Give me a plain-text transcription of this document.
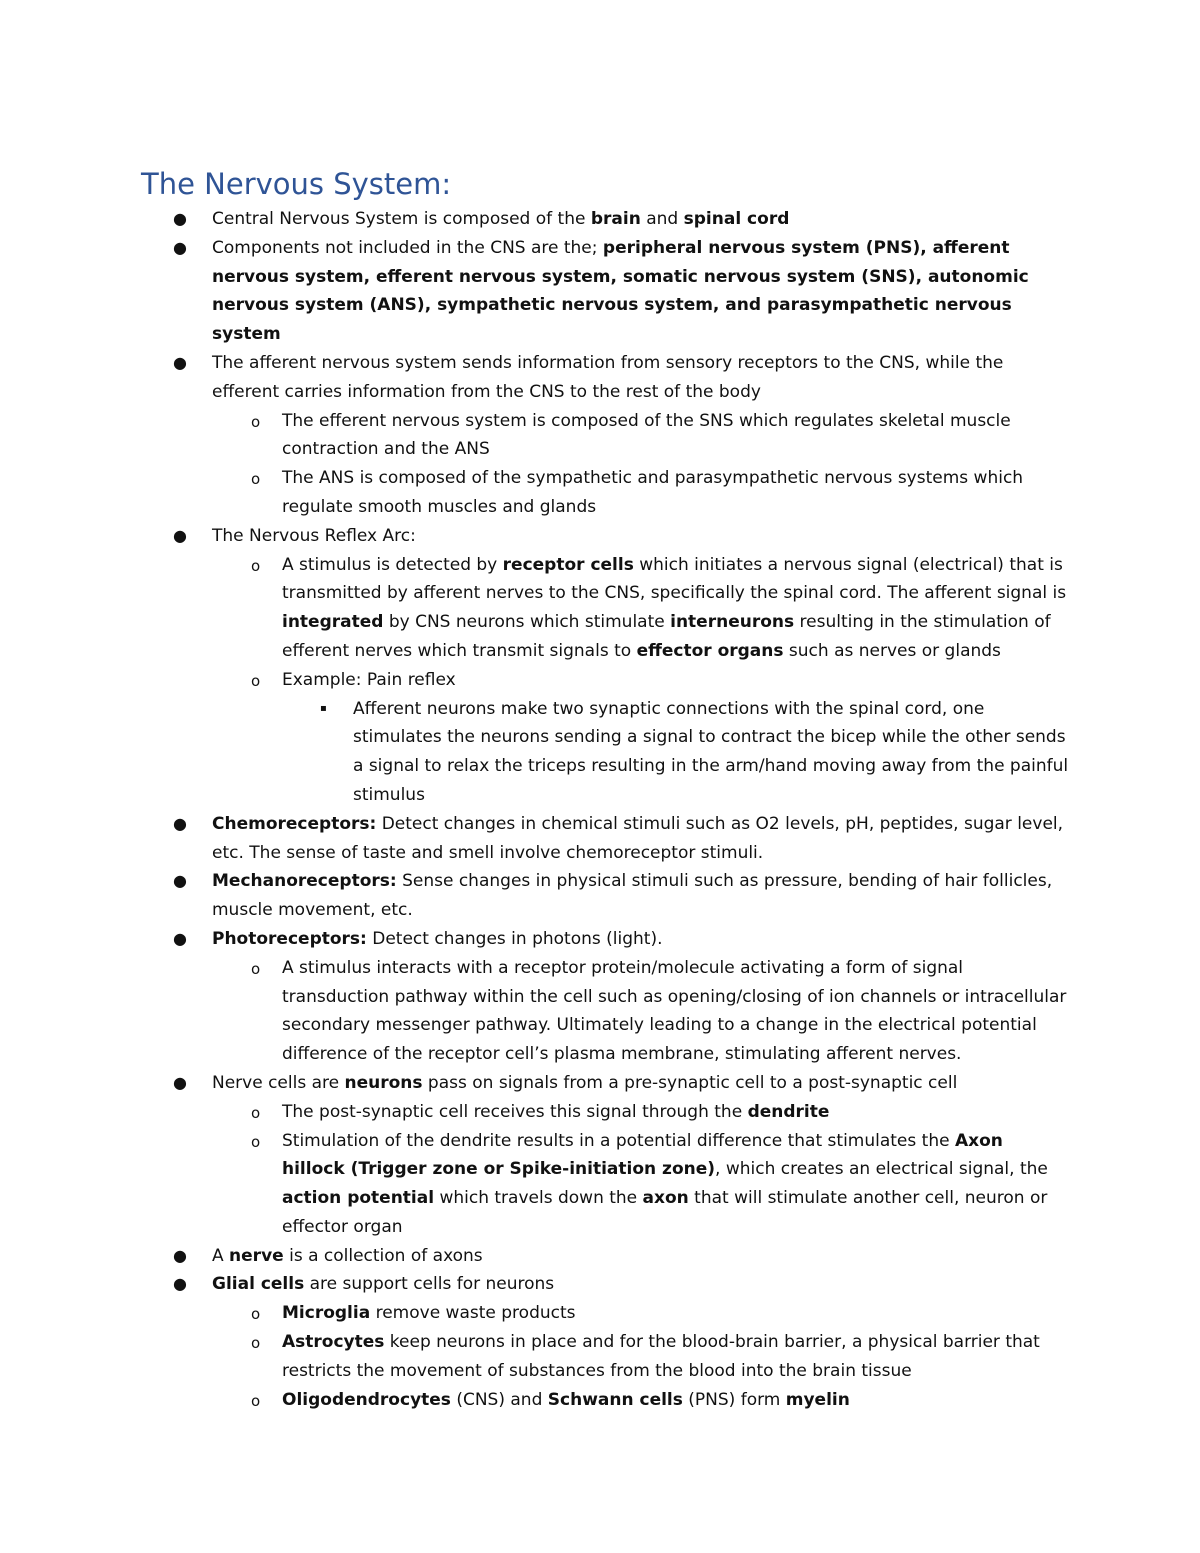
The Nervous System:
● Central Nervous System is composed of the brain and spinal cord
● Components not included in the CNS are the; peripheral nervous system (PNS), afferent nervous system, efferent nervous system, somatic nervous system (SNS), autonomic nervous system (ANS), sympathetic nervous system, and parasympathetic nervous system
● The afferent nervous system sends information from sensory receptors to the CNS, while the efferent carries information from the CNS to the rest of the body
o The efferent nervous system is composed of the SNS which regulates skeletal muscle contraction and the ANS
o The ANS is composed of the sympathetic and parasympathetic nervous systems which regulate smooth muscles and glands
● The Nervous Reflex Arc:
o A stimulus is detected by receptor cells which initiates a nervous signal (electrical) that is transmitted by afferent nerves to the CNS, specifically the spinal cord. The afferent signal is integrated by CNS neurons which stimulate interneurons resulting in the stimulation of efferent nerves which transmit signals to effector organs such as nerves or glands
o Example: Pain reflex
▪ Afferent neurons make two synaptic connections with the spinal cord, one stimulates the neurons sending a signal to contract the bicep while the other sends a signal to relax the triceps resulting in the arm/hand moving away from the painful stimulus
● Chemoreceptors: Detect changes in chemical stimuli such as O2 levels, pH, peptides, sugar level, etc. The sense of taste and smell involve chemoreceptor stimuli.
● Mechanoreceptors: Sense changes in physical stimuli such as pressure, bending of hair follicles, muscle movement, etc.
● Photoreceptors: Detect changes in photons (light).
o A stimulus interacts with a receptor protein/molecule activating a form of signal transduction pathway within the cell such as opening/closing of ion channels or intracellular secondary messenger pathway. Ultimately leading to a change in the electrical potential difference of the receptor cell’s plasma membrane, stimulating afferent nerves.
● Nerve cells are neurons pass on signals from a pre-synaptic cell to a post-synaptic cell
o The post-synaptic cell receives this signal through the dendrite
o Stimulation of the dendrite results in a potential difference that stimulates the Axon hillock (Trigger zone or Spike-initiation zone), which creates an electrical signal, the action potential which travels down the axon that will stimulate another cell, neuron or effector organ
● A nerve is a collection of axons
● Glial cells are support cells for neurons
o Microglia remove waste products
o Astrocytes keep neurons in place and for the blood-brain barrier, a physical barrier that restricts the movement of substances from the blood into the brain tissue
o Oligodendrocytes (CNS) and Schwann cells (PNS) form myelin
